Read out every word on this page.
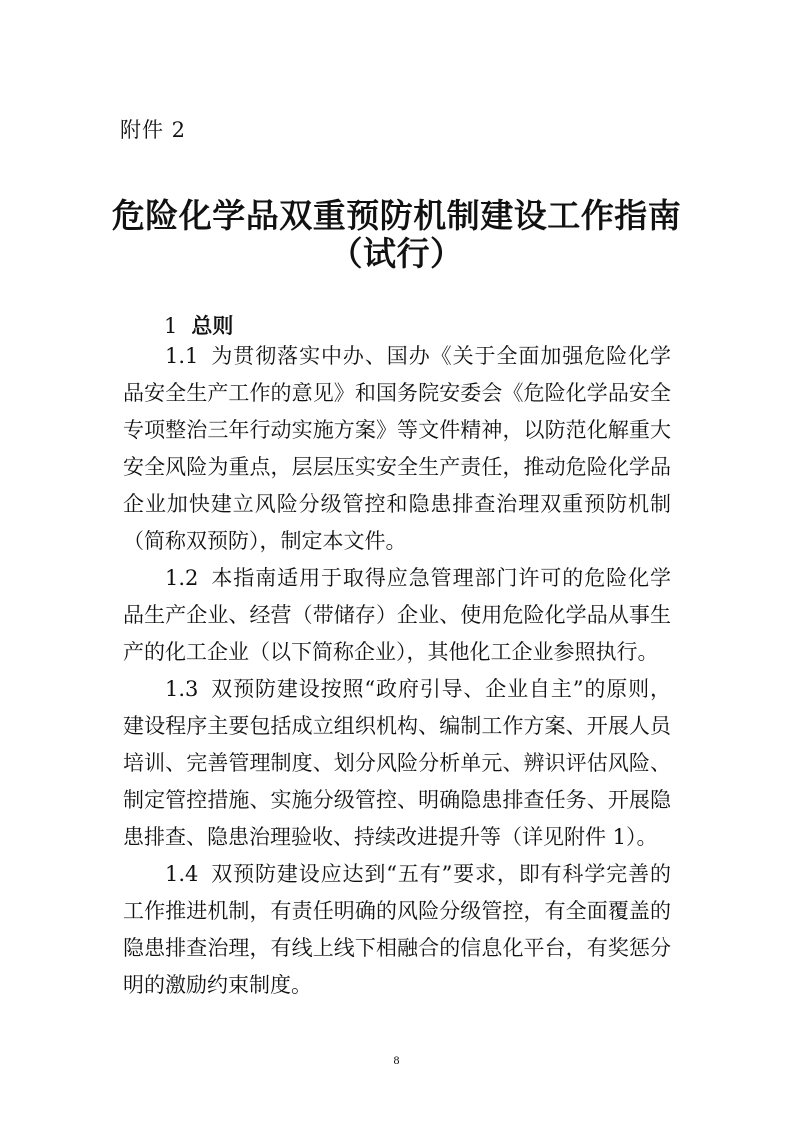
附件 2
危险化学品双重预防机制建设工作指南
（试行）
1 总则
1.1 为贯彻落实中办、国办《关于全面加强危险化学品安全生产工作的意见》和国务院安委会《危险化学品安全专项整治三年行动实施方案》等文件精神，以防范化解重大安全风险为重点，层层压实安全生产责任，推动危险化学品企业加快建立风险分级管控和隐患排查治理双重预防机制（简称双预防），制定本文件。
1.2 本指南适用于取得应急管理部门许可的危险化学品生产企业、经营（带储存）企业、使用危险化学品从事生产的化工企业（以下简称企业），其他化工企业参照执行。
1.3 双预防建设按照“政府引导、企业自主”的原则，建设程序主要包括成立组织机构、编制工作方案、开展人员培训、完善管理制度、划分风险分析单元、辨识评估风险、制定管控措施、实施分级管控、明确隐患排查任务、开展隐患排查、隐患治理验收、持续改进提升等（详见附件 1）。
1.4 双预防建设应达到“五有”要求，即有科学完善的工作推进机制，有责任明确的风险分级管控，有全面覆盖的隐患排查治理，有线上线下相融合的信息化平台，有奖惩分明的激励约束制度。
8
